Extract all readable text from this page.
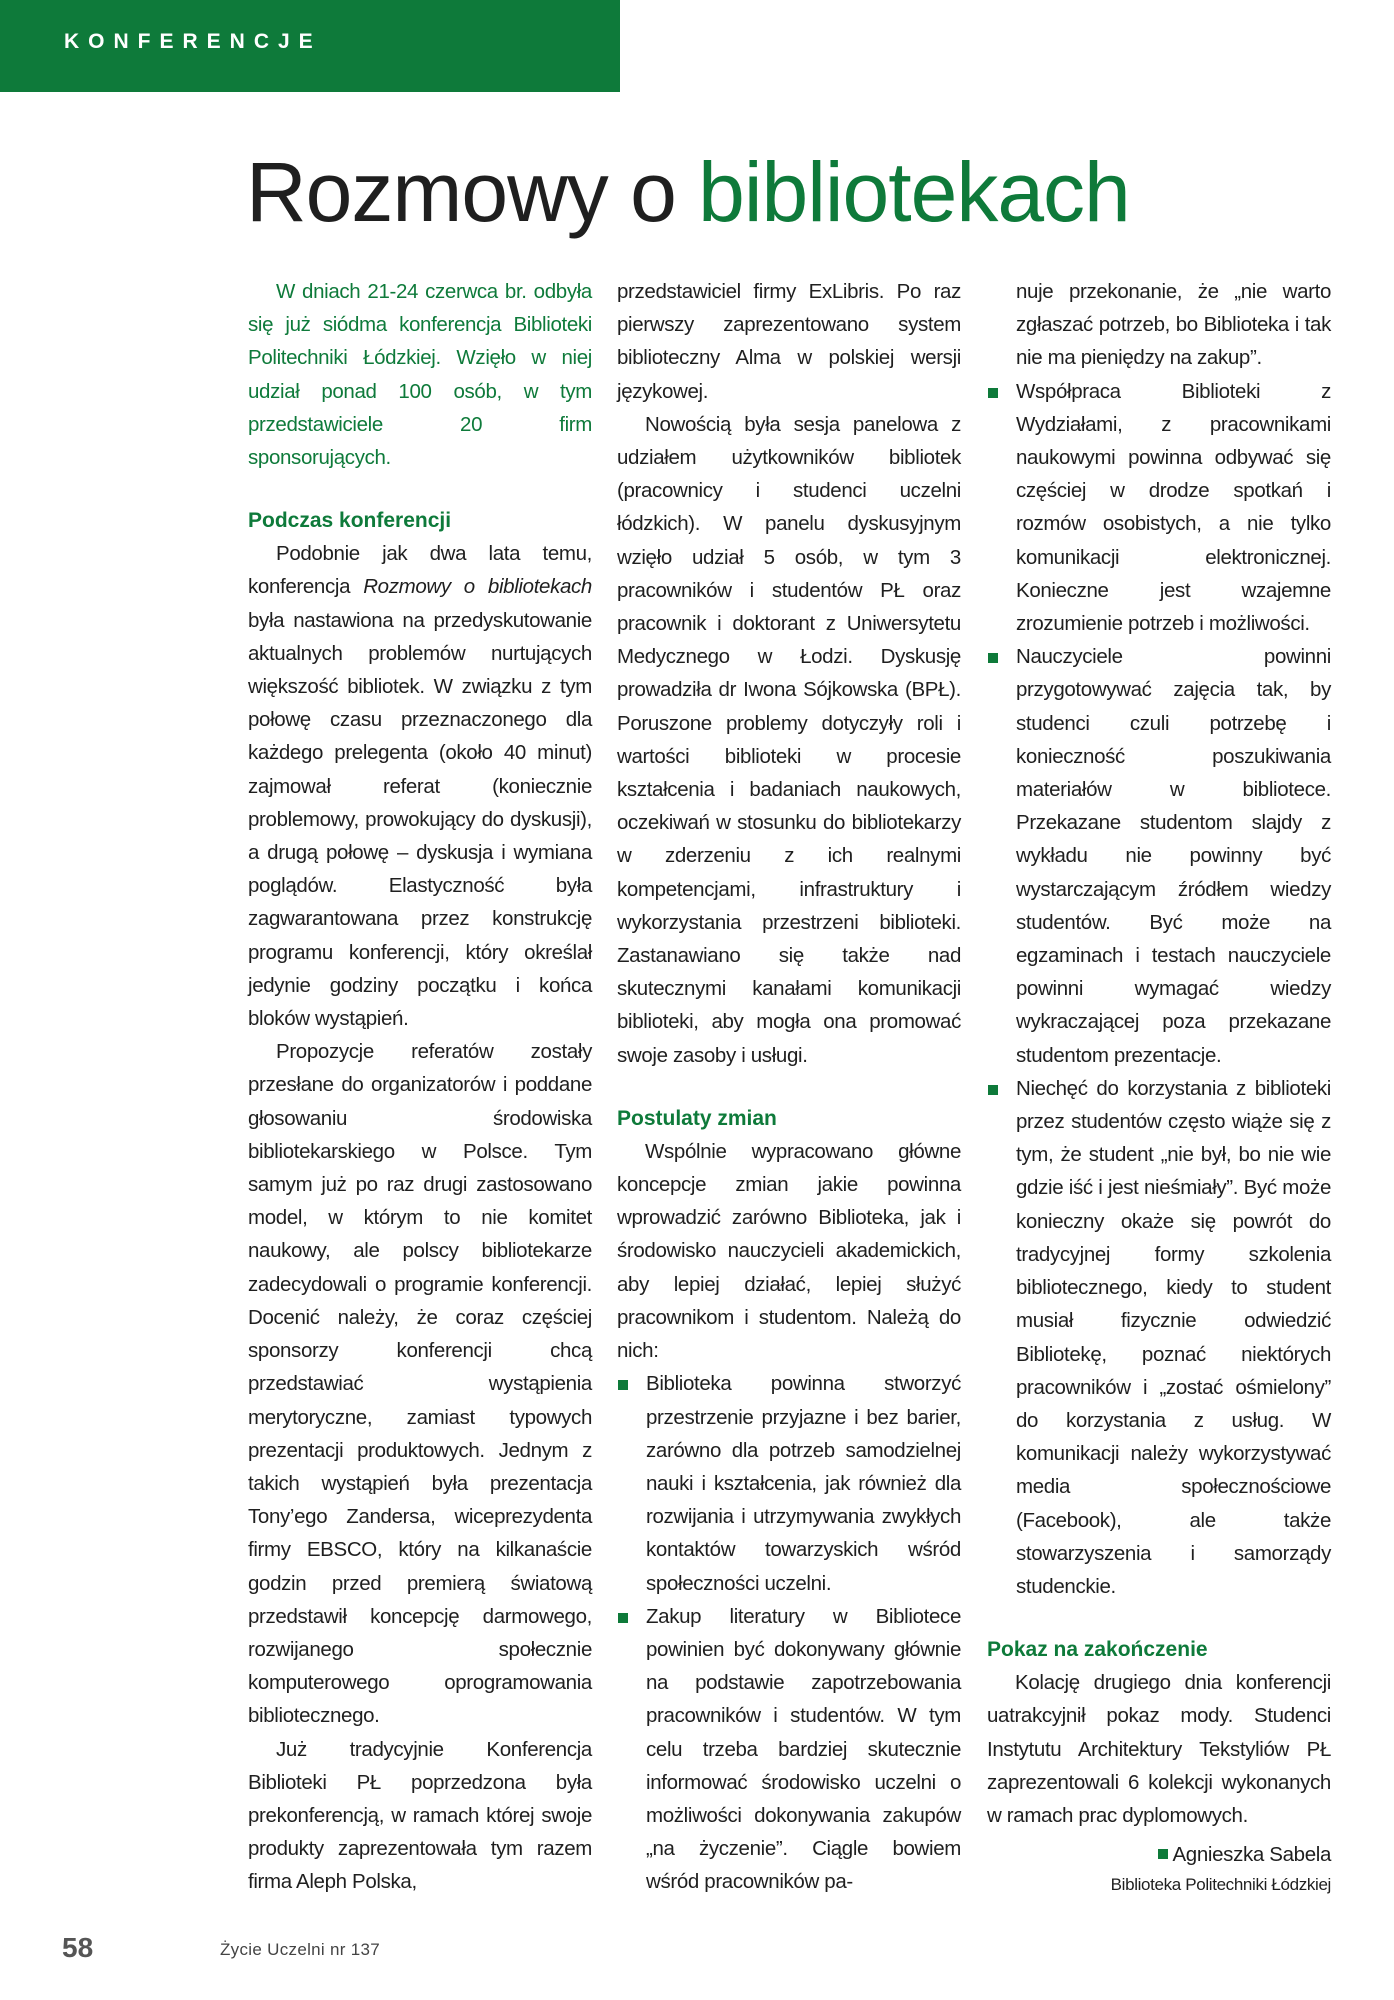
KONFERENCJE
Rozmowy o bibliotekach

W dniach 21-24 czerwca br. odbyła się już siódma konferencja Biblioteki Politechniki Łódzkiej. Wzięło w niej udział ponad 100 osób, w tym przedstawiciele 20 firm sponsorujących.

Podczas konferencji

Podobnie jak dwa lata temu, konferencja Rozmowy o bibliotekach była nastawiona na przedyskutowanie aktualnych problemów nurtujących większość bibliotek. W związku z tym połowę czasu przeznaczonego dla każdego prelegenta (około 40 minut) zajmował referat (koniecznie problemowy, prowokujący do dyskusji), a drugą połowę – dyskusja i wymiana poglądów. Elastyczność była zagwarantowana przez konstrukcję programu konferencji, który określał jedynie godziny początku i końca bloków wystąpień.

Propozycje referatów zostały przesłane do organizatorów i poddane głosowaniu środowiska bibliotekarskiego w Polsce. Tym samym już po raz drugi zastosowano model, w którym to nie komitet naukowy, ale polscy bibliotekarze zadecydowali o programie konferencji. Docenić należy, że coraz częściej sponsorzy konferencji chcą przedstawiać wystąpienia merytoryczne, zamiast typowych prezentacji produktowych. Jednym z takich wystąpień była prezentacja Tony’ego Zandersa, wiceprezydenta firmy EBSCO, który na kilkanaście godzin przed premierą światową przedstawił koncepcję darmowego, rozwijanego społecznie komputerowego oprogramowania bibliotecznego.

Już tradycyjnie Konferencja Biblioteki PŁ poprzedzona była prekonferencją, w ramach której swoje produkty zaprezentowała tym razem firma Aleph Polska,

przedstawiciel firmy ExLibris. Po raz pierwszy zaprezentowano system biblioteczny Alma w polskiej wersji językowej.

Nowością była sesja panelowa z udziałem użytkowników bibliotek (pracownicy i studenci uczelni łódzkich). W panelu dyskusyjnym wzięło udział 5 osób, w tym 3 pracowników i studentów PŁ oraz pracownik i doktorant z Uniwersytetu Medycznego w Łodzi. Dyskusję prowadziła dr Iwona Sójkowska (BPŁ). Poruszone problemy dotyczyły roli i wartości biblioteki w procesie kształcenia i badaniach naukowych, oczekiwań w stosunku do bibliotekarzy w zderzeniu z ich realnymi kompetencjami, infrastruktury i wykorzystania przestrzeni biblioteki. Zastanawiano się także nad skutecznymi kanałami komunikacji biblioteki, aby mogła ona promować swoje zasoby i usługi.

Postulaty zmian

Wspólnie wypracowano główne koncepcje zmian jakie powinna wprowadzić zarówno Biblioteka, jak i środowisko nauczycieli akademickich, aby lepiej działać, lepiej służyć pracownikom i studentom. Należą do nich:

Biblioteka powinna stworzyć przestrzenie przyjazne i bez barier, zarówno dla potrzeb samodzielnej nauki i kształcenia, jak również dla rozwijania i utrzymywania zwykłych kontaktów towarzyskich wśród społeczności uczelni.
Zakup literatury w Bibliotece powinien być dokonywany głównie na podstawie zapotrzebowania pracowników i studentów. W tym celu trzeba bardziej skutecznie informować środowisko uczelni o możliwości dokonywania zakupów „na życzenie”. Ciągle bowiem wśród pracowników pa-
nuje przekonanie, że „nie warto zgłaszać potrzeb, bo Biblioteka i tak nie ma pieniędzy na zakup”.
Współpraca Biblioteki z Wydziałami, z pracownikami naukowymi powinna odbywać się częściej w drodze spotkań i rozmów osobistych, a nie tylko komunikacji elektronicznej. Konieczne jest wzajemne zrozumienie potrzeb i możliwości.
Nauczyciele powinni przygotowywać zajęcia tak, by studenci czuli potrzebę i konieczność poszukiwania materiałów w bibliotece. Przekazane studentom slajdy z wykładu nie powinny być wystarczającym źródłem wiedzy studentów. Być może na egzaminach i testach nauczyciele powinni wymagać wiedzy wykraczającej poza przekazane studentom prezentacje.
Niechęć do korzystania z biblioteki przez studentów często wiąże się z tym, że student „nie był, bo nie wie gdzie iść i jest nieśmiały”. Być może konieczny okaże się powrót do tradycyjnej formy szkolenia bibliotecznego, kiedy to student musiał fizycznie odwiedzić Bibliotekę, poznać niektórych pracowników i „zostać ośmielony” do korzystania z usług. W komunikacji należy wykorzystywać media społecznościowe (Facebook), ale także stowarzyszenia i samorządy studenckie.
Pokaz na zakończenie

Kolację drugiego dnia konferencji uatrakcyjnił pokaz mody. Studenci Instytutu Architektury Tekstyliów PŁ zaprezentowali 6 kolekcji wykonanych w ramach prac dyplomowych.

Agnieszka Sabela
Biblioteka Politechniki Łódzkiej
58	Życie Uczelni nr 137
